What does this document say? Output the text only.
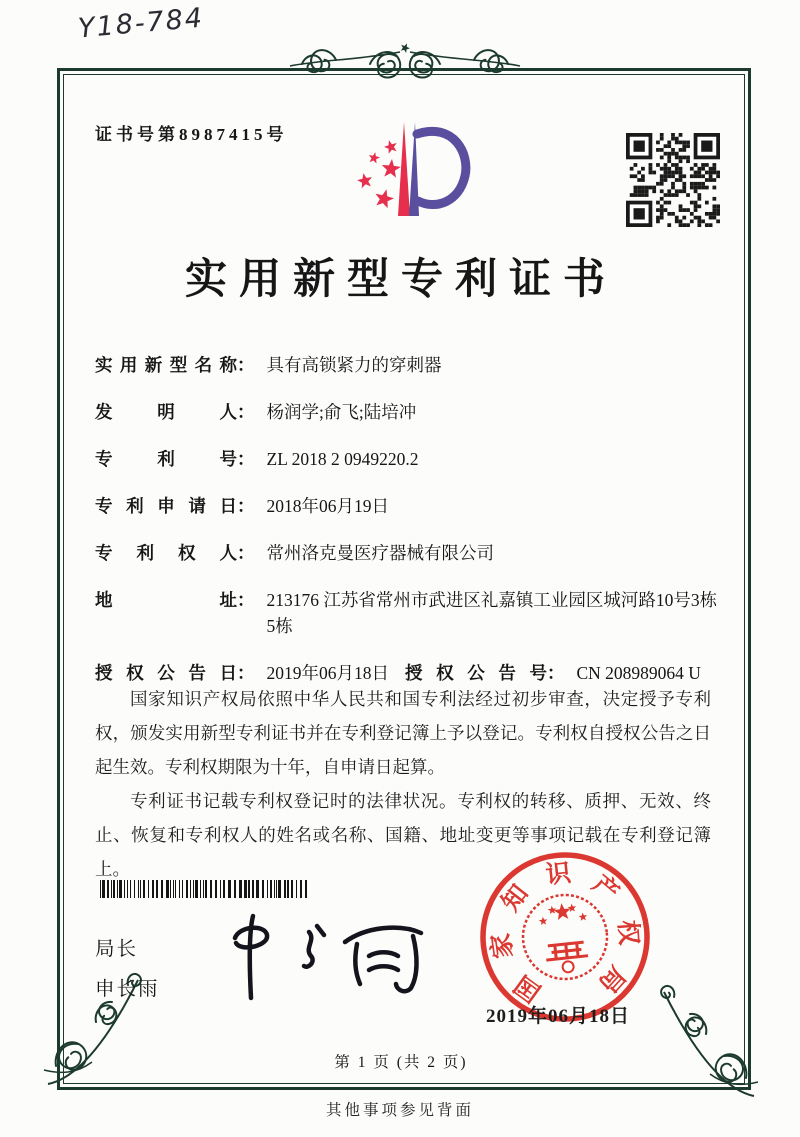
Y18-784
证书号第8987415号
实用新型专利证书
实用新型名称 ： 具有高锁紧力的穿刺器
发明人 ： 杨润学;俞飞;陆培冲
专利号 ： ZL 2018 2 0949220.2
专利申请日 ： 2018年06月19日
专利权人 ： 常州洛克曼医疗器械有限公司
地址 ： 213176 江苏省常州市武进区礼嘉镇工业园区城河路10号3栋5栋
授权公告日 ： 2019年06月18日 授权公告号 ： CN 208989064 U

国家知识产权局依照中华人民共和国专利法经过初步审查，决定授予专利权，颁发实用新型专利证书并在专利登记簿上予以登记。专利权自授权公告之日起生效。专利权期限为十年，自申请日起算。

专利证书记载专利权登记时的法律状况。专利权的转移、质押、无效、终止、恢复和专利权人的姓名或名称、国籍、地址变更等事项记载在专利登记簿上。

局长
申长雨	国
家
知
识 产
权
局
2019年06月18日
第 1 页 (共 2 页)
其他事项参见背面
